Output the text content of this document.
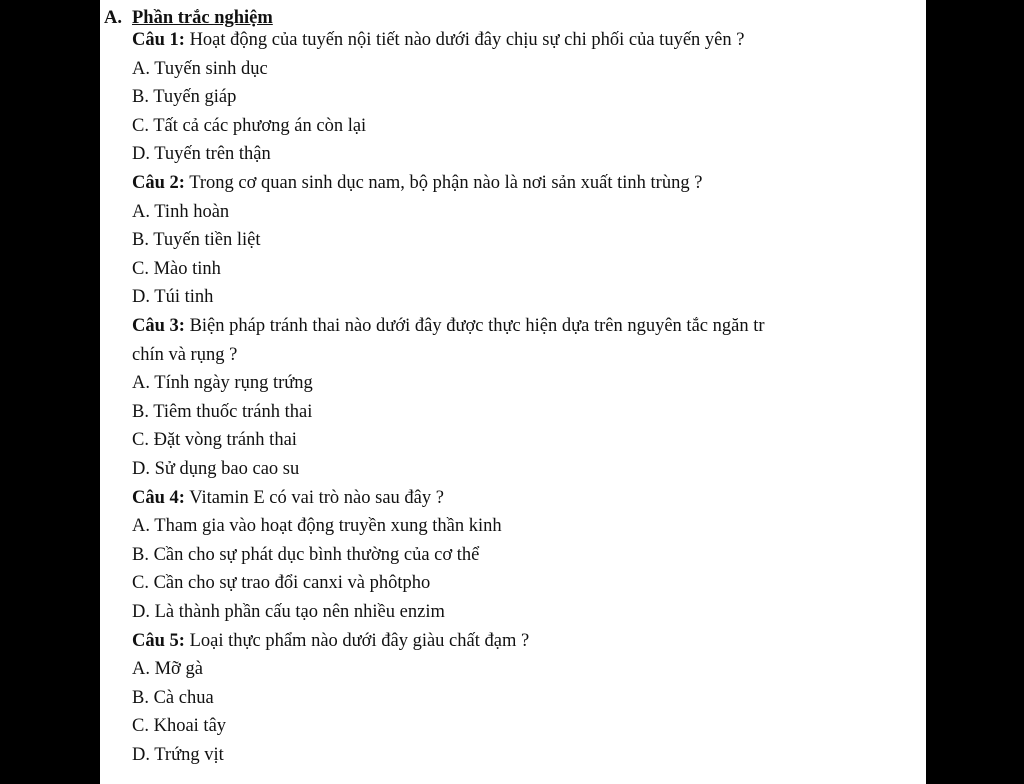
A. Phần trắc nghiệm
Câu 1: Hoạt động của tuyến nội tiết nào dưới đây chịu sự chi phối của tuyến yên ?
A. Tuyến sinh dục
B. Tuyến giáp
C. Tất cả các phương án còn lại
D. Tuyến trên thận
Câu 2: Trong cơ quan sinh dục nam, bộ phận nào là nơi sản xuất tinh trùng ?
A. Tinh hoàn
B. Tuyến tiền liệt
C. Mào tinh
D. Túi tinh
Câu 3: Biện pháp tránh thai nào dưới đây được thực hiện dựa trên nguyên tắc ngăn tr
chín và rụng ?
A. Tính ngày rụng trứng
B. Tiêm thuốc tránh thai
C. Đặt vòng tránh thai
D. Sử dụng bao cao su
Câu 4: Vitamin E có vai trò nào sau đây ?
A. Tham gia vào hoạt động truyền xung thần kinh
B. Cần cho sự phát dục bình thường của cơ thể
C. Cần cho sự trao đổi canxi và phôtpho
D. Là thành phần cấu tạo nên nhiều enzim
Câu 5: Loại thực phẩm nào dưới đây giàu chất đạm ?
A. Mỡ gà
B. Cà chua
C. Khoai tây
D. Trứng vịt
